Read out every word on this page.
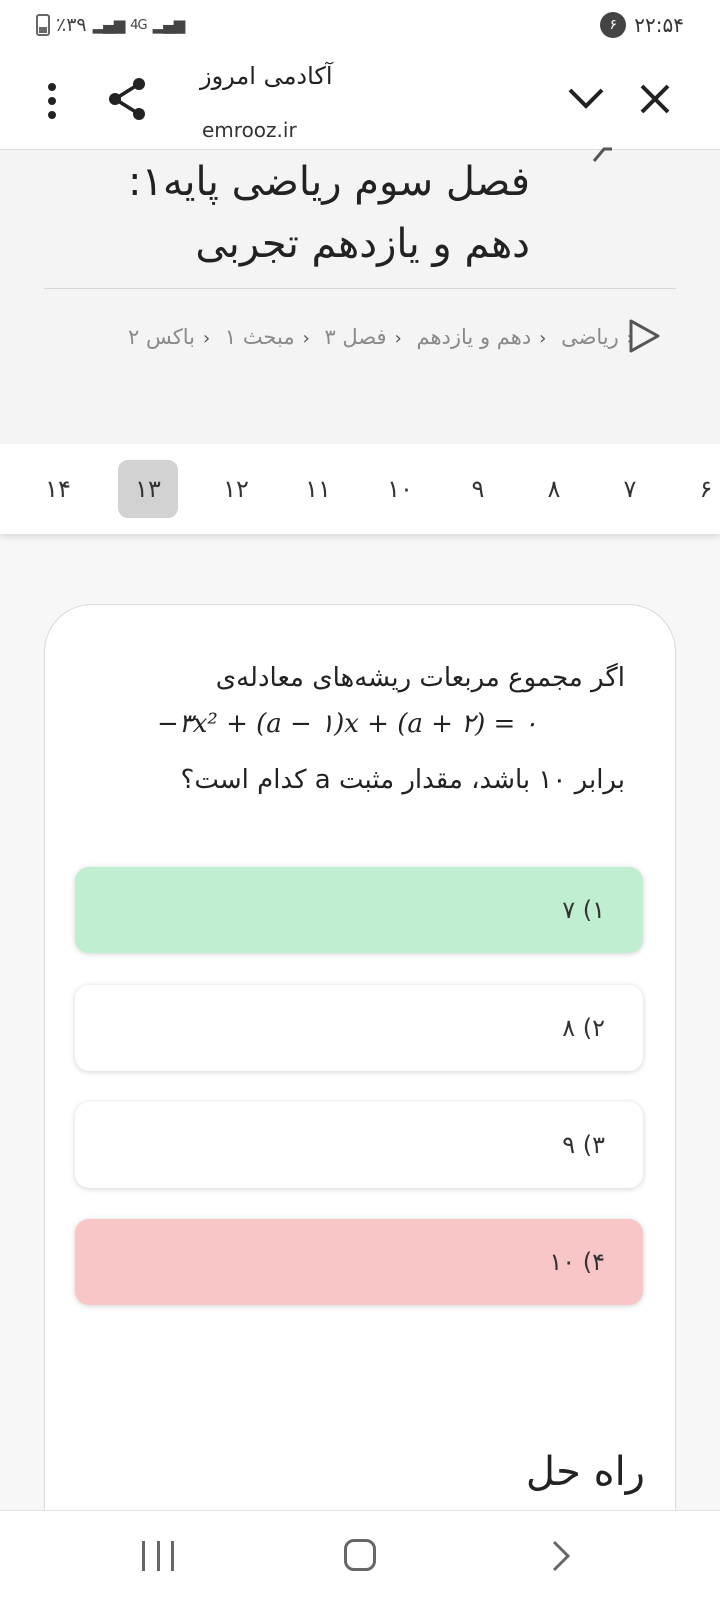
٪۳۹ ▂▄▆ 4G ▂▄▆	۶ ۲۲:۵۴
آکادمی امروز
emrooz.ir
فصل سوم ریاضی پایه۱: دهم و یازدهم تجربی
‹ریاضی ‹دهم و یازدهم ‹فصل ۳ ‹مبحث ۱ ‹باکس ۲
۱۴	۱۳	۱۲	۱۱	۱۰	۹	۸	۷	۶
اگر مجموع مربعات ریشه‌های معادله‌ی
−۳x² + (a − ۱)x + (a + ۲) = ۰
برابر ۱۰ باشد، مقدار مثبت a کدام است؟
۱) ۷
۲) ۸
۳) ۹
۴) ۱۰
راه حل
